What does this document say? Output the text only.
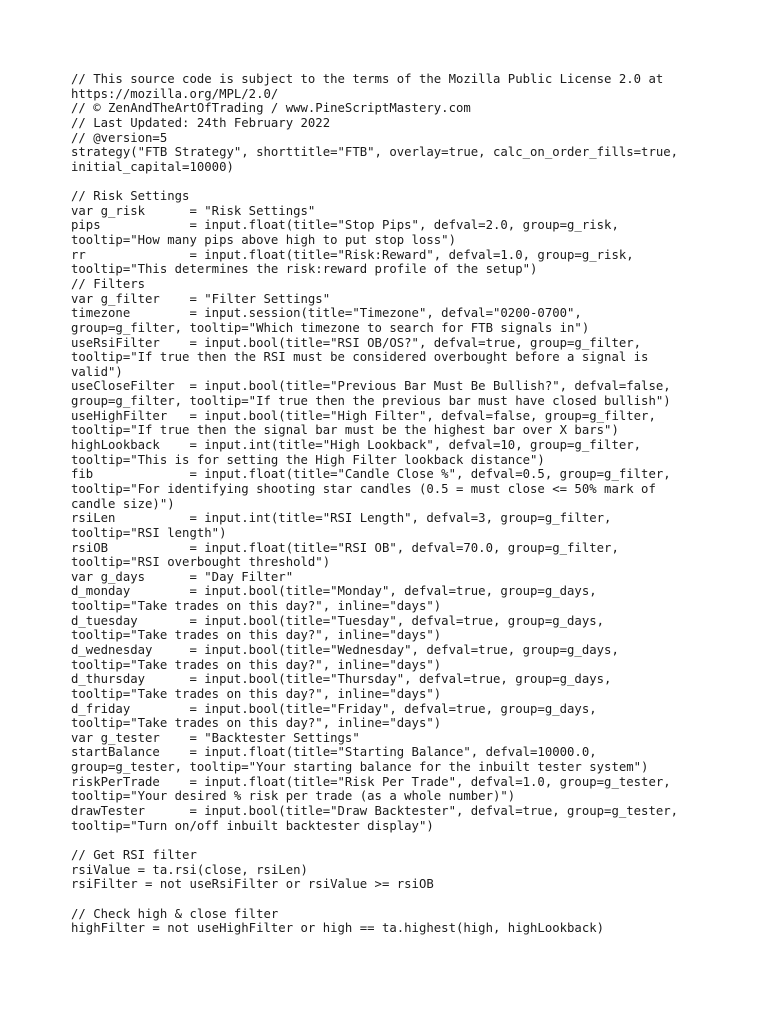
// This source code is subject to the terms of the Mozilla Public License 2.0 at
https://mozilla.org/MPL/2.0/
// © ZenAndTheArtOfTrading / www.PineScriptMastery.com
// Last Updated: 24th February 2022
// @version=5
strategy("FTB Strategy", shorttitle="FTB", overlay=true, calc_on_order_fills=true,
initial_capital=10000)
// Risk Settings
var g_risk      = "Risk Settings"
pips            = input.float(title="Stop Pips", defval=2.0, group=g_risk,
tooltip="How many pips above high to put stop loss")
rr              = input.float(title="Risk:Reward", defval=1.0, group=g_risk,
tooltip="This determines the risk:reward profile of the setup")
// Filters
var g_filter    = "Filter Settings"
timezone        = input.session(title="Timezone", defval="0200-0700",
group=g_filter, tooltip="Which timezone to search for FTB signals in")
useRsiFilter    = input.bool(title="RSI OB/OS?", defval=true, group=g_filter,
tooltip="If true then the RSI must be considered overbought before a signal is
valid")
useCloseFilter  = input.bool(title="Previous Bar Must Be Bullish?", defval=false,
group=g_filter, tooltip="If true then the previous bar must have closed bullish")
useHighFilter   = input.bool(title="High Filter", defval=false, group=g_filter,
tooltip="If true then the signal bar must be the highest bar over X bars")
highLookback    = input.int(title="High Lookback", defval=10, group=g_filter,
tooltip="This is for setting the High Filter lookback distance")
fib             = input.float(title="Candle Close %", defval=0.5, group=g_filter,
tooltip="For identifying shooting star candles (0.5 = must close <= 50% mark of
candle size)")
rsiLen          = input.int(title="RSI Length", defval=3, group=g_filter,
tooltip="RSI length")
rsiOB           = input.float(title="RSI OB", defval=70.0, group=g_filter,
tooltip="RSI overbought threshold")
var g_days      = "Day Filter"
d_monday        = input.bool(title="Monday", defval=true, group=g_days,
tooltip="Take trades on this day?", inline="days")
d_tuesday       = input.bool(title="Tuesday", defval=true, group=g_days,
tooltip="Take trades on this day?", inline="days")
d_wednesday     = input.bool(title="Wednesday", defval=true, group=g_days,
tooltip="Take trades on this day?", inline="days")
d_thursday      = input.bool(title="Thursday", defval=true, group=g_days,
tooltip="Take trades on this day?", inline="days")
d_friday        = input.bool(title="Friday", defval=true, group=g_days,
tooltip="Take trades on this day?", inline="days")
var g_tester    = "Backtester Settings"
startBalance    = input.float(title="Starting Balance", defval=10000.0,
group=g_tester, tooltip="Your starting balance for the inbuilt tester system")
riskPerTrade    = input.float(title="Risk Per Trade", defval=1.0, group=g_tester,
tooltip="Your desired % risk per trade (as a whole number)")
drawTester      = input.bool(title="Draw Backtester", defval=true, group=g_tester,
tooltip="Turn on/off inbuilt backtester display")
// Get RSI filter
rsiValue = ta.rsi(close, rsiLen)
rsiFilter = not useRsiFilter or rsiValue >= rsiOB
// Check high & close filter
highFilter = not useHighFilter or high == ta.highest(high, highLookback)
